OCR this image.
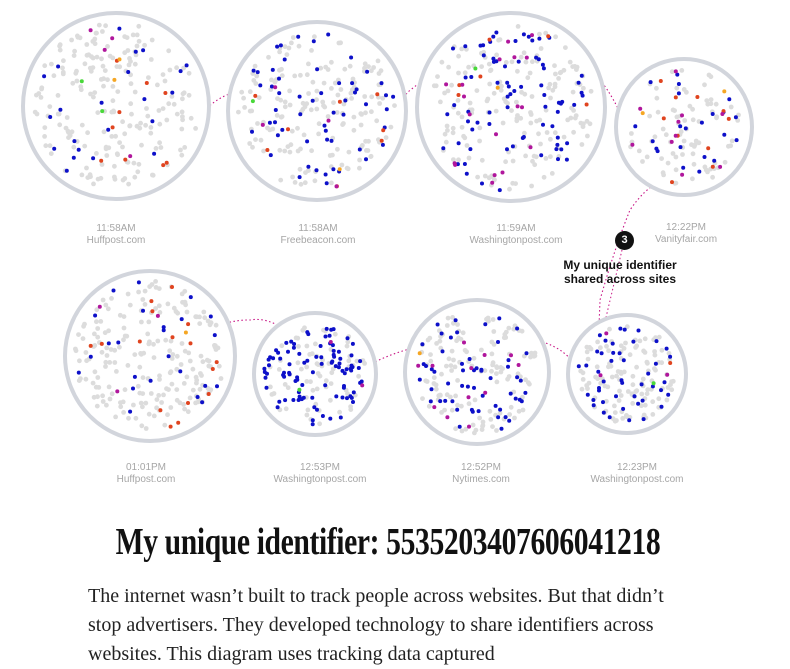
11:58AM
Huffpost.com
11:58AM
Freebeacon.com
11:59AM
Washingtonpost.com
12:22PM
Vanityfair.com
01:01PM
Huffpost.com
12:53PM
Washingtonpost.com
12:52PM
Nytimes.com
12:23PM
Washingtonpost.com
3
My unique identifier
shared across sites
My unique identifier: 5535203407606041218
The internet wasn’t built to track people across websites. But that didn’t stop advertisers. They developed technology to share identifiers across websites. This diagram uses tracking data captured
